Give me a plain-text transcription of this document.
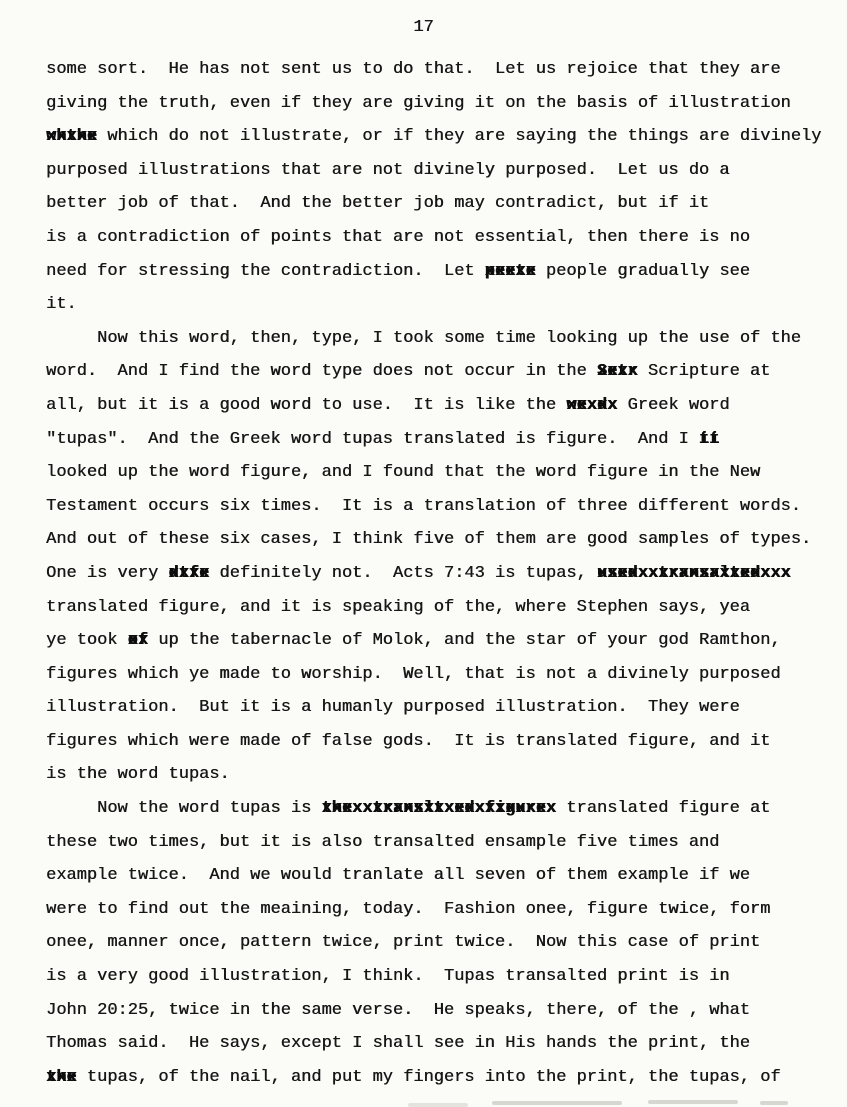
17
some sort.  He has not sent us to do that.  Let us rejoice that they are
giving the truth, even if they are giving it on the basis of illustration
whthe xxxxx which do not illustrate, or if they are saying the things are divinely
purposed illustrations that are not divinely purposed.  Let us do a
better job of that.  And the better job may contradict, but if it
is a contradiction of points that are not essential, then there is no
need for stressing the contradiction.  Let peete xxxxx people gradually see
it.
Now this word, then, type, I took some time looking up the use of the
word.  And I find the word type does not occur in the Setr xxxx Scripture at
all, but it is a good word to use.  It is like the wexdx xxxxx Greek word
"tupas".  And the Greek word tupas translated is figure.  And I ii tt
looked up the word figure, and I found that the word figure in the New
Testament occurs six times.  It is a translation of three different words.
And out of these six cases, I think five of them are good samples of types.
One is very dtfe xxxx definitely not.  Acts 7:43 is tupas, usedxxtransaltedxxx xxxxxxxxxxxxxxxxxxx
translated figure, and it is speaking of the, where Stephen says, yea
ye took of xx up the tabernacle of Molok, and the star of your god Ramthon,
figures which ye made to worship.  Well, that is not a divinely purposed
illustration.  But it is a humanly purposed illustration.  They were
figures which were made of false gods.  It is translated figure, and it
is the word tupas.
Now the word tupas is thexxtransltxedxfigurex xxxxxxxxxxxxxxxxxxxxxxx translated figure at
these two times, but it is also transalted ensample five times and
example twice.  And we would tranlate all seven of them example if we
were to find out the meaining, today.  Fashion onee, figure twice, form
onee, manner once, pattern twice, print twice.  Now this case of print
is a very good illustration, I think.  Tupas transalted print is in
John 20:25, twice in the same verse.  He speaks, there, of the , what
Thomas said.  He says, except I shall see in His hands the print, the
the xxx tupas, of the nail, and put my fingers into the print, the tupas, of
